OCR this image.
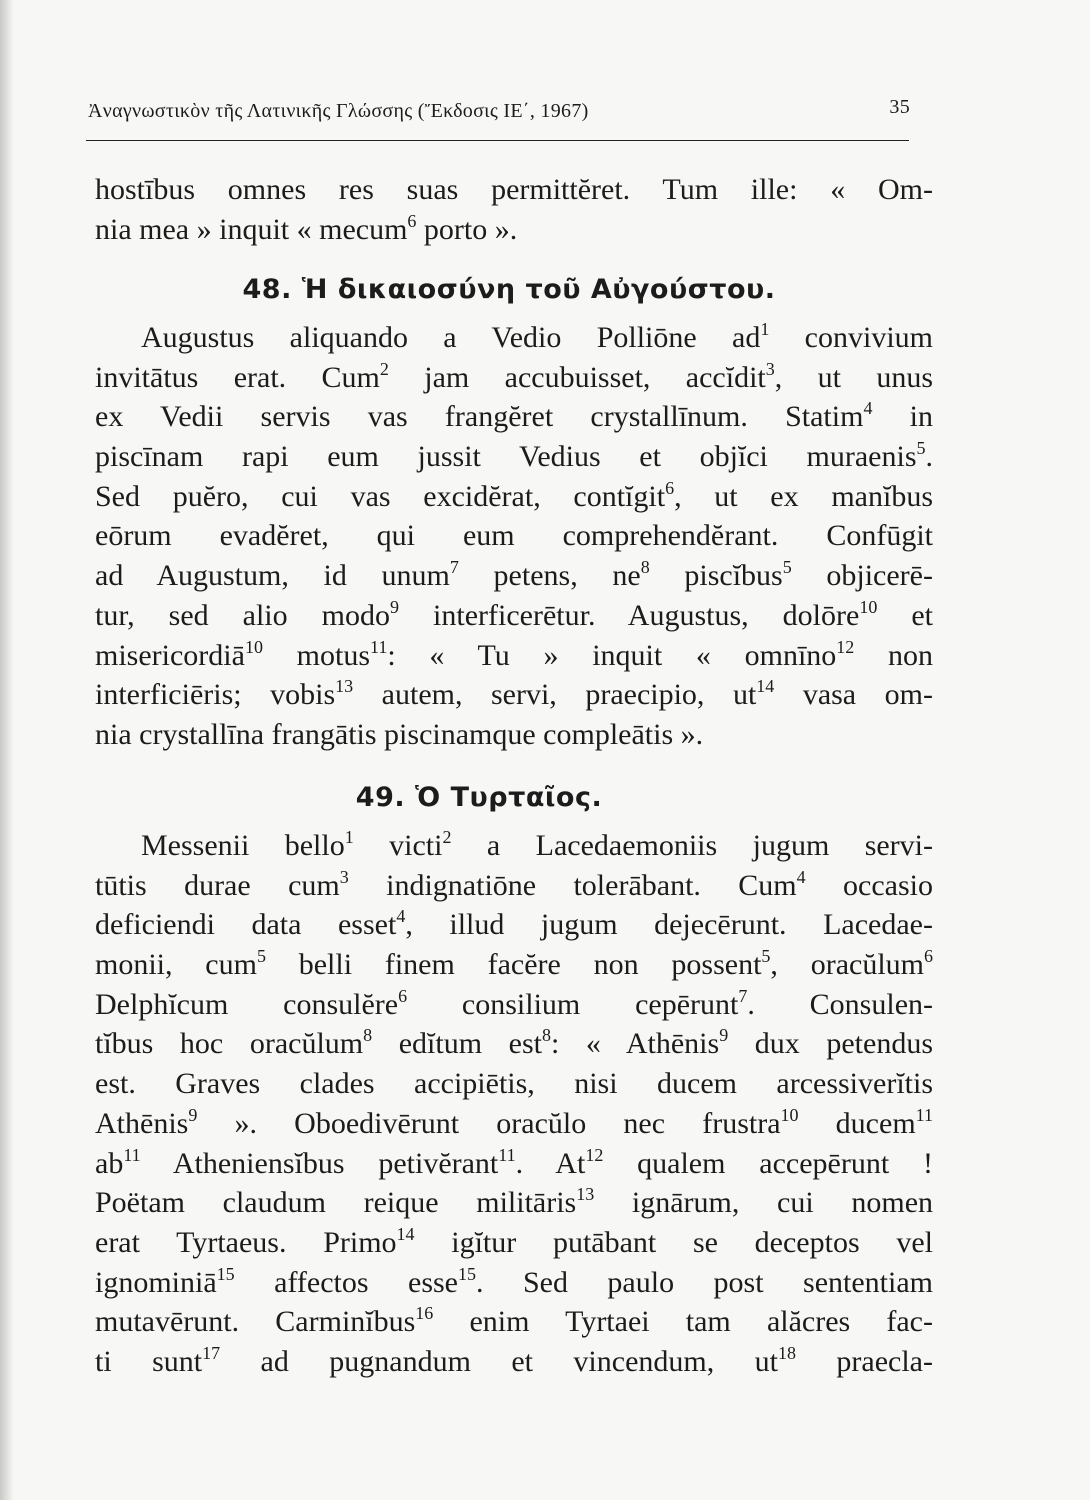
Ἀναγνωστικὸν τῆς Λατινικῆς Γλώσσης (Ἔκδοσις ΙΕ΄, 1967)	35
hostībus omnes res suas permittĕret. Tum ille: « Om-
nia mea » inquit « mecum$^6$ porto ».
48. Ἡ δικαιοσύνη τοῦ Αὐγούστου.
Augustus aliquando a Vedio Polliōne $ad^1$ convivium
invitātus erat. Cum$^2$ jam accubuisset, accĭdit$^3$, ut unus
ex Vedii servis vas frangĕret crystallīnum. Statim$^4$ in
piscīnam rapi eum jussit Vedius et objĭci muraenis$^5$.
Sed puĕro, cui vas excidĕrat, contĭgit$^6$, ut ex manĭbus
eōrum evadĕret, qui eum comprehendĕrant. Confūgit
ad Augustum, id unum$^7$ petens, $ne^8$ piscĭbus$^5$ objicerē-
tur, sed alio modo$^9$ interficerētur. Augustus, dolōre$^{10}$ et
misericordiā$^{10}$ motus$^{11}$: « Tu » inquit « omnīno$^{12}$ non
interficiēris; vobis$^{13}$ autem, servi, praecipio, $ut^{14}$ vasa om-
nia crystallīna frangātis piscinamque compleātis ».
49. Ὁ Τυρταῖος.
Messenii bello$^1$ victi$^2$ a Lacedaemoniis jugum servi-
tūtis durae cum$^3$ indignatiōne tolerābant. Cum$^4$ occasio
deficiendi data esset$^4$, illud jugum dejecērunt. Lacedae-
monii, cum$^5$ belli finem facĕre non possent$^5$, oracŭlum$^6$
Delphĭcum consulĕre$^6$ consilium cepērunt$^7$. Consulen-
tĭbus hoc oracŭlum$^8$ edĭtum est$^8$: « Athēnis$^9$ dux petendus
est. Graves clades accipiētis, nisi ducem arcessiverĭtis
Athēnis$^9$ ». Oboedivērunt oracŭlo nec frustra$^{10}$ ducem$^{11}$
$ab^{11}$ Atheniensĭbus petivĕrant$^{11}$. At$^{12}$ qualem accepērunt !
Poëtam claudum reique militāris$^{13}$ ignārum, cui nomen
erat Tyrtaeus. Primo$^{14}$ igĭtur putābant se deceptos vel
ignominiā$^{15}$ affectos esse$^{15}$. Sed paulo post sententiam
mutavērunt. Carminĭbus$^{16}$ enim Tyrtaei tam alăcres fac-
ti sunt$^{17}$ ad pugnandum et vincendum, $ut^{18}$ praecla-
